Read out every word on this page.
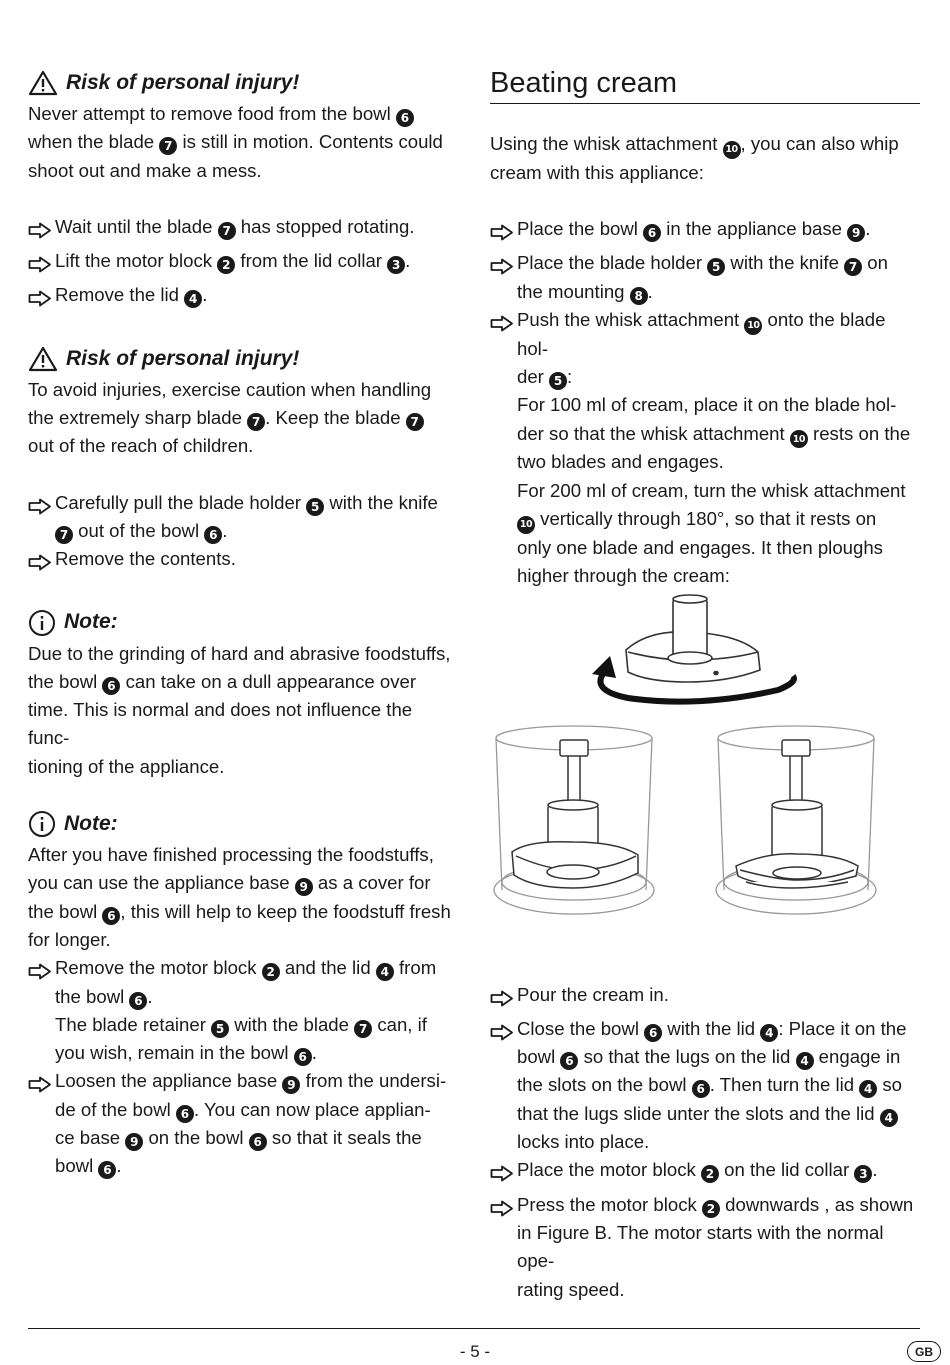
Risk of personal injury!

Never attempt to remove food from the bowl 6

when the blade 7 is still in motion. Contents could

shoot out and make a mess.

Wait until the blade 7 has stopped rotating.

Lift the motor block 2 from the lid collar 3 .

Remove the lid 4 .

Risk of personal injury!

To avoid injuries, exercise caution when handling

the extremely sharp blade 7 . Keep the blade 7

out of the reach of children.

Carefully pull the blade holder 5 with the knife

7 out of the bowl 6 .

Remove the contents.

Note:

Due to the grinding of hard and abrasive foodstuffs,

the bowl 6 can take on a dull appearance over

time. This is normal and does not influence the func-

tioning of the appliance.

Note:

After you have finished processing the foodstuffs,

you can use the appliance base 9 as a cover for

the bowl 6 , this will help to keep the foodstuff fresh

for longer.

Remove the motor block 2 and the lid 4 from

the bowl 6 .

The blade retainer 5 with the blade 7 can, if

you wish, remain in the bowl 6 .

Loosen the appliance base 9 from the undersi-

de of the bowl 6 . You can now place applian-

ce base 9 on the bowl 6 so that it seals the

bowl 6 .

Beating cream

Using the whisk attachment 10 , you can also whip

cream with this appliance:

Place the bowl 6 in the appliance base 9 .

Place the blade holder 5 with the knife 7 on

the mounting 8 .

Push the whisk attachment 10 onto the blade hol-

der 5 :

For 100 ml of cream, place it on the blade hol-

der so that the whisk attachment 10 rests on the

two blades and engages.

For 200 ml of cream, turn the whisk attachment

10 vertically through 180°, so that it rests on

only one blade and engages. It then ploughs

higher through the cream:

Pour the cream in.

Close the bowl 6 with the lid 4 : Place it on the

bowl 6 so that the lugs on the lid 4 engage in

the slots on the bowl 6 . Then turn the lid 4 so

that the lugs slide unter the slots and the lid 4

locks into place.

Place the motor block 2 on the lid collar 3 .

Press the motor block 2 downwards , as shown

in Figure B. The motor starts with the normal ope-

rating speed.

- 5 -	GB
